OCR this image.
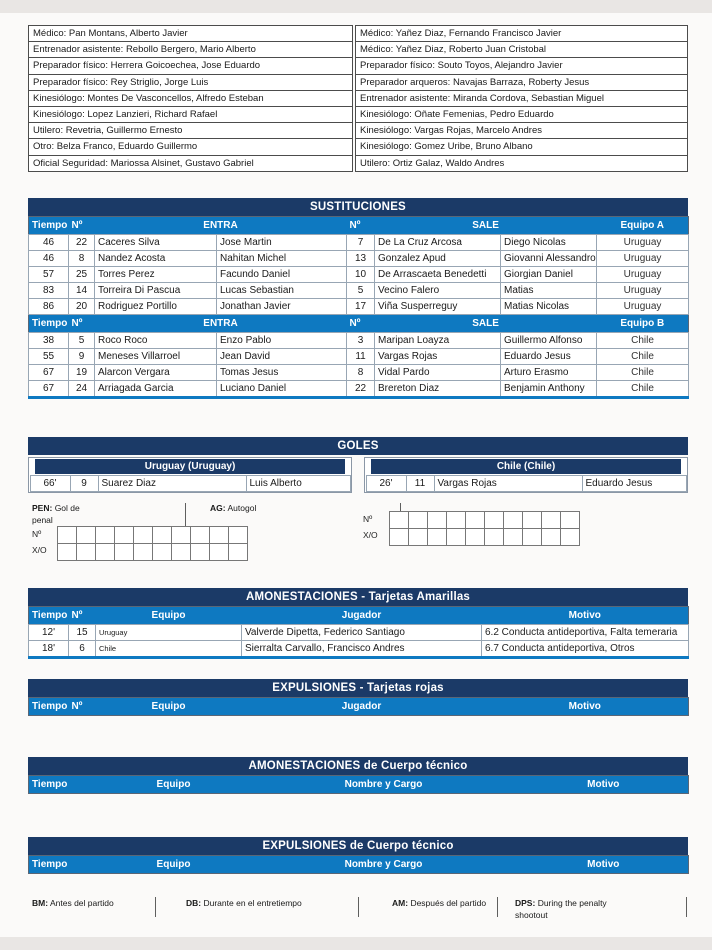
Médico: Pan Montans, Alberto Javier
Entrenador asistente: Rebollo Bergero, Mario Alberto
Preparador físico: Herrera Goicoechea, Jose Eduardo
Preparador físico: Rey Striglio, Jorge Luis
Kinesiólogo: Montes De Vasconcellos, Alfredo Esteban
Kinesiólogo: Lopez Lanzieri, Richard Rafael
Utilero: Revetria, Guillermo Ernesto
Otro: Belza Franco, Eduardo Guillermo
Oficial Seguridad: Mariossa Alsinet, Gustavo Gabriel
Médico: Yañez Diaz, Fernando Francisco Javier
Médico: Yañez Diaz, Roberto Juan Cristobal
Preparador físico: Souto Toyos, Alejandro Javier
Preparador arqueros: Navajas Barraza, Roberty Jesus
Entrenador asistente: Miranda Cordova, Sebastian Miguel
Kinesiólogo: Oñate Femenias, Pedro Eduardo
Kinesiólogo: Vargas Rojas, Marcelo Andres
Kinesiólogo: Gomez Uribe, Bruno Albano
Utilero: Ortiz Galaz, Waldo Andres
SUSTITUCIONES
Tiempo	Nº	ENTRA		Nº	SALE		Equipo A
46	22	Caceres Silva	Jose Martin	7	De La Cruz Arcosa	Diego Nicolas	Uruguay
46	8	Nandez Acosta	Nahitan Michel	13	Gonzalez Apud	Giovanni Alessandro	Uruguay
57	25	Torres Perez	Facundo Daniel	10	De Arrascaeta Benedetti	Giorgian Daniel	Uruguay
83	14	Torreira Di Pascua	Lucas Sebastian	5	Vecino Falero	Matias	Uruguay
86	20	Rodriguez Portillo	Jonathan Javier	17	Viña Susperreguy	Matias Nicolas	Uruguay
Tiempo	Nº	ENTRA		Nº	SALE		Equipo B
38	5	Roco Roco	Enzo Pablo	3	Maripan Loayza	Guillermo Alfonso	Chile
55	9	Meneses Villarroel	Jean David	11	Vargas Rojas	Eduardo Jesus	Chile
67	19	Alarcon Vergara	Tomas Jesus	8	Vidal Pardo	Arturo Erasmo	Chile
67	24	Arriagada Garcia	Luciano Daniel	22	Brereton Diaz	Benjamin Anthony	Chile
GOLES
Uruguay (Uruguay)
66'	9	Suarez Diaz	Luis Alberto
Chile (Chile)
26'	11	Vargas Rojas	Eduardo Jesus
PEN: Gol de penal
AG: Autogol
Nº
X/O

Nº
X/O

AMONESTACIONES - Tarjetas Amarillas
Tiempo	Nº	Equipo	Jugador	Motivo
12'	15	Uruguay	Valverde Dipetta, Federico Santiago	6.2 Conducta antideportiva, Falta temeraria
18'	6	Chile	Sierralta Carvallo, Francisco Andres	6.7 Conducta antideportiva, Otros
EXPULSIONES - Tarjetas rojas
Tiempo	Nº	Equipo	Jugador	Motivo
AMONESTACIONES de Cuerpo técnico
Tiempo	Equipo	Nombre y Cargo	Motivo
EXPULSIONES de Cuerpo técnico
Tiempo	Equipo	Nombre y Cargo	Motivo
BM: Antes del partido	DB: Durante en el entretiempo	AM: Después del partido	DPS: During the penalty shootout
